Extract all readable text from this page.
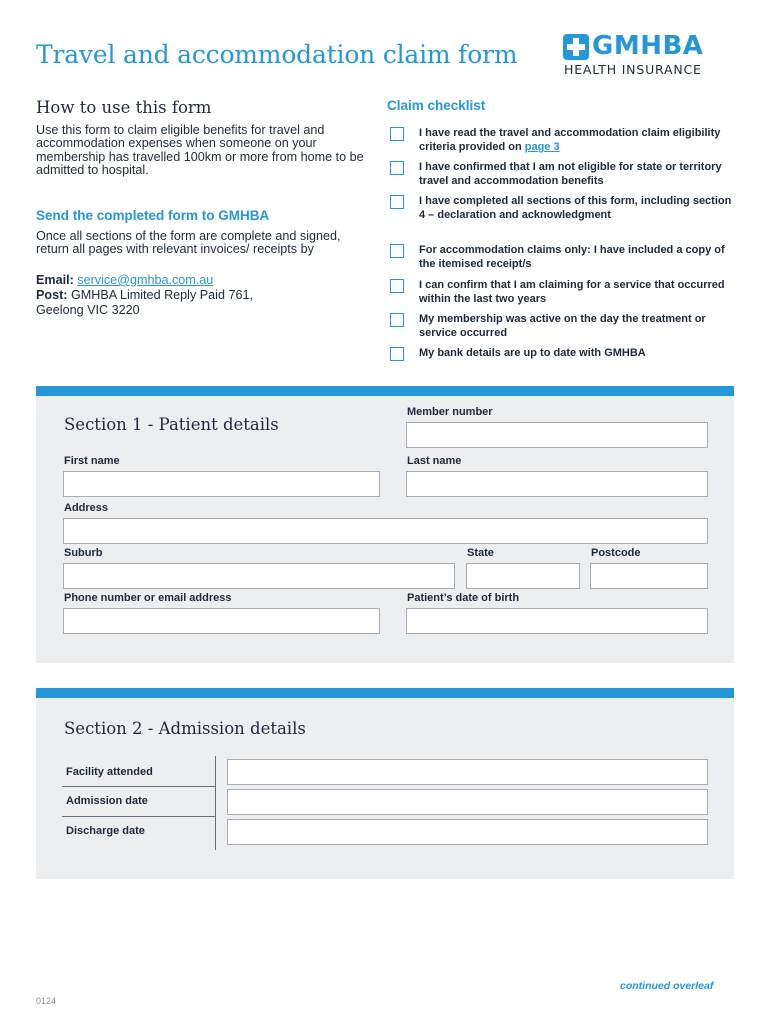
Travel and accommodation claim form	GMHBA
HEALTH INSURANCE
How to use this form
Use this form to claim eligible benefits for travel and accommodation expenses when someone on your membership has travelled 100km or more from home to be admitted to hospital.
Send the completed form to GMHBA
Once all sections of the form are complete and signed, return all pages with relevant invoices/ receipts by
Email: service@gmhba.com.au
Post: GMHBA Limited Reply Paid 761,
Geelong VIC 3220
Claim checklist
I have read the travel and accommodation claim eligibility criteria provided on page 3
I have confirmed that I am not eligible for state or territory travel and accommodation benefits
I have completed all sections of this form, including section 4 – declaration and acknowledgment
For accommodation claims only: I have included a copy of the itemised receipt/s
I can confirm that I am claiming for a service that occurred within the last two years
My membership was active on the day the treatment or service occurred
My bank details are up to date with GMHBA
Section 1 - Patient details
Member number
First name	Last name
Address
Suburb	State	Postcode
Phone number or email address	Patient’s date of birth
Section 2 - Admission details
Facility attended
Admission date
Discharge date
continued overleaf
0124
